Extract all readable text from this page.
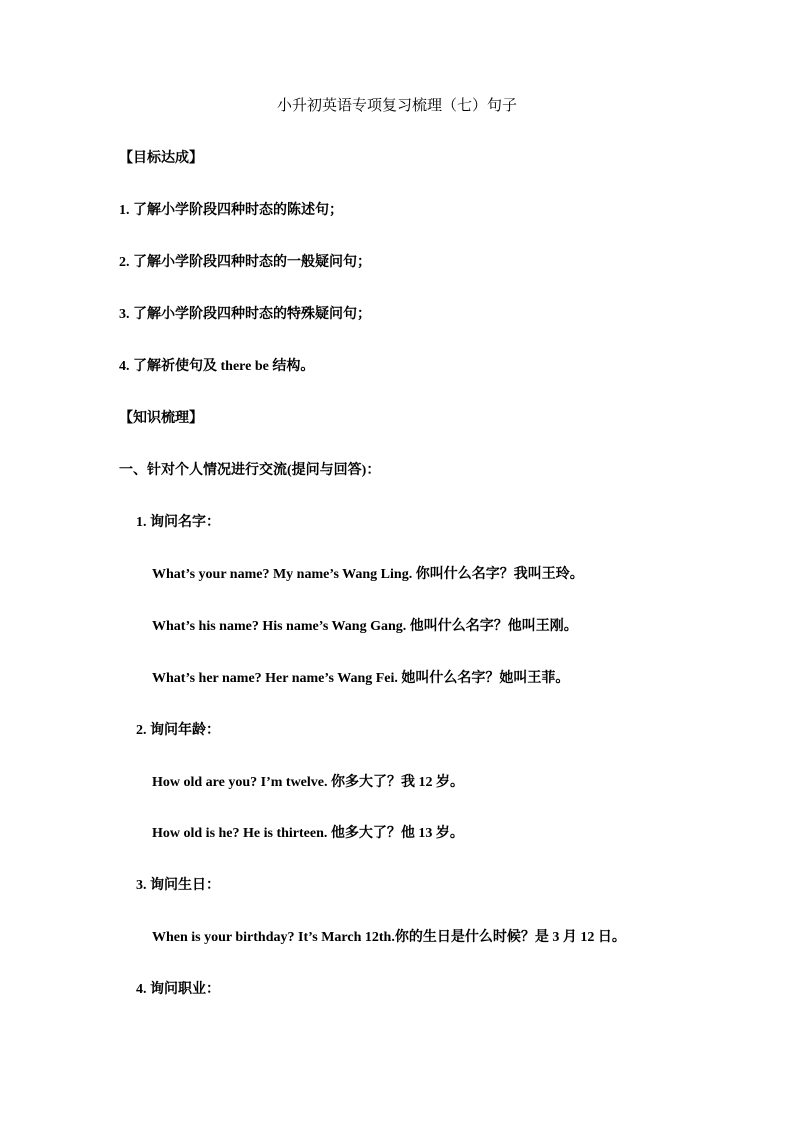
小升初英语专项复习梳理（七）句子
【目标达成】
1. 了解小学阶段四种时态的陈述句；
2. 了解小学阶段四种时态的一般疑问句；
3. 了解小学阶段四种时态的特殊疑问句；
4. 了解祈使句及 there be 结构。
【知识梳理】
一、针对个人情况进行交流(提问与回答)：
1. 询问名字：
What’s your name? My name’s Wang Ling. 你叫什么名字？我叫王玲。
What’s his name? His name’s Wang Gang. 他叫什么名字？他叫王刚。
What’s her name? Her name’s Wang Fei. 她叫什么名字？她叫王菲。
2. 询问年龄：
How old are you? I’m twelve. 你多大了？我 12 岁。
How old is he? He is thirteen. 他多大了？他 13 岁。
3. 询问生日：
When is your birthday? It’s March 12th.你的生日是什么时候？是 3 月 12 日。
4. 询问职业：
